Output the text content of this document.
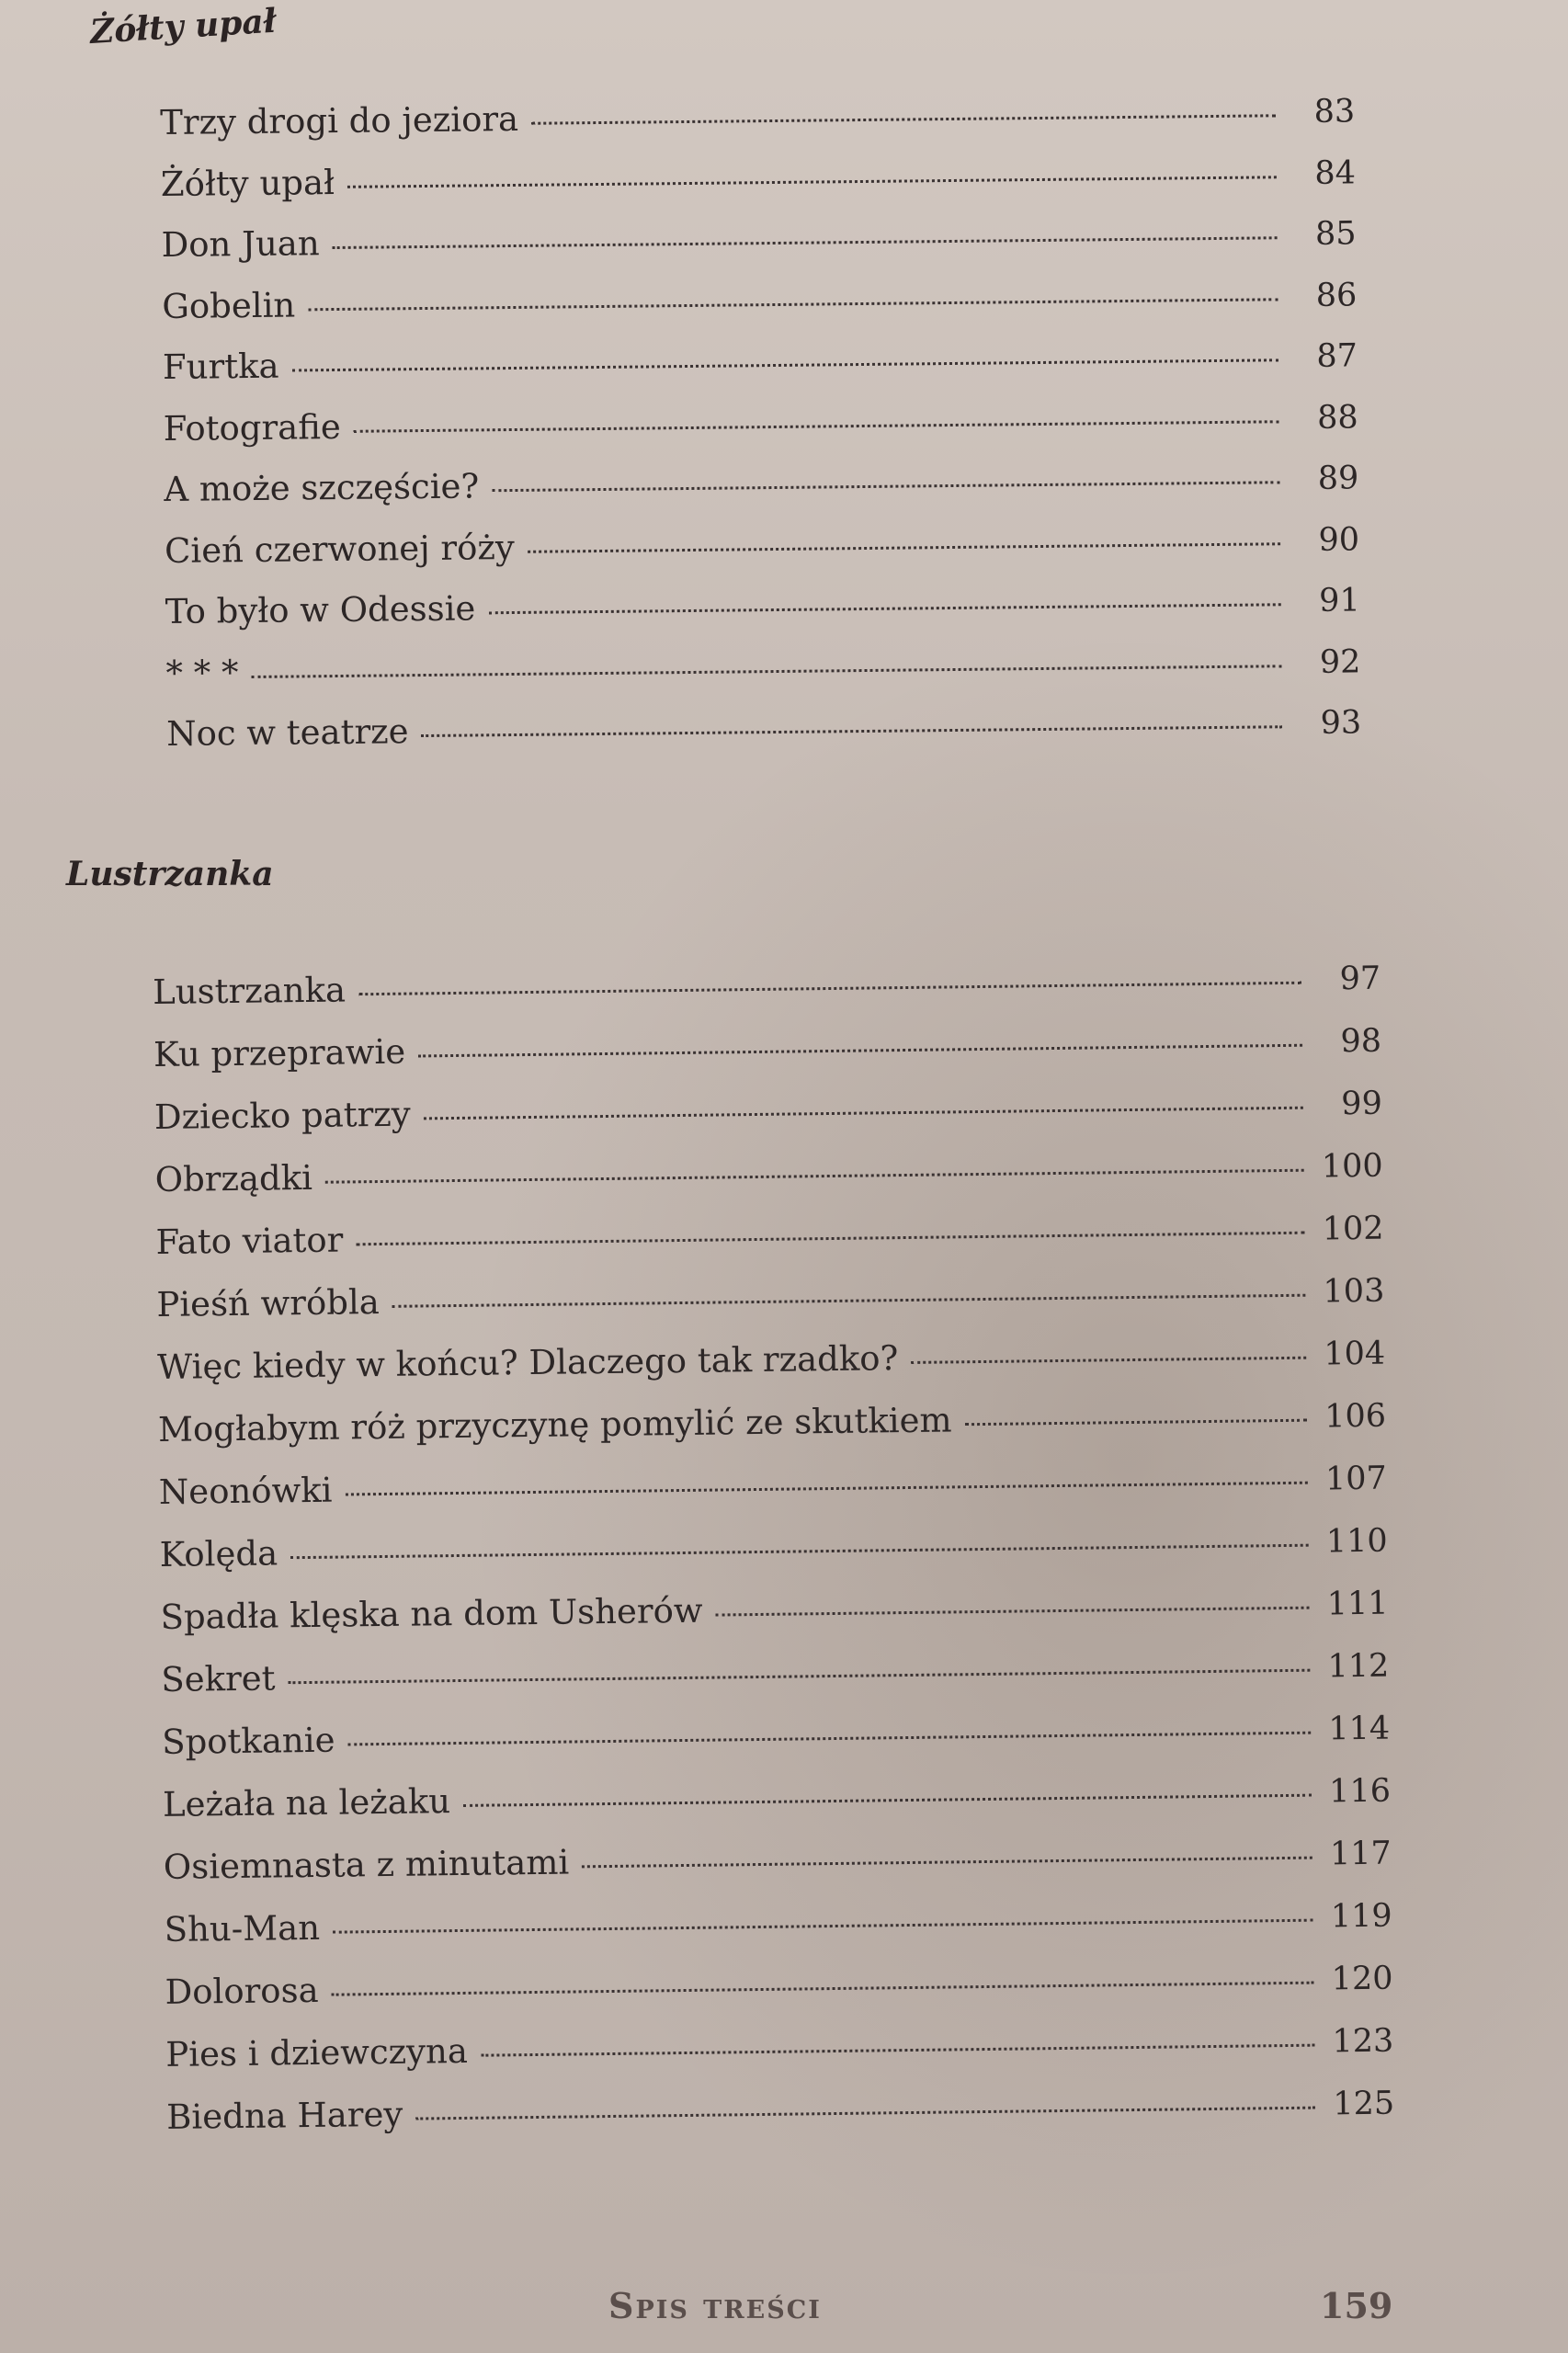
Żółty upał
Trzy drogi do jeziora	83
Żółty upał	84
Don Juan	85
Gobelin	86
Furtka	87
Fotografie	88
A może szczęście?	89
Cień czerwonej róży	90
To było w Odessie	91
* * *	92
Noc w teatrze	93
Lustrzanka
Lustrzanka	97
Ku przeprawie	98
Dziecko patrzy	99
Obrządki	100
Fato viator	102
Pieśń wróbla	103
Więc kiedy w końcu? Dlaczego tak rzadko?	104
Mogłabym róż przyczynę pomylić ze skutkiem	106
Neonówki	107
Kolęda	110
Spadła klęska na dom Usherów	111
Sekret	112
Spotkanie	114
Leżała na leżaku	116
Osiemnasta z minutami	117
Shu-Man	119
Dolorosa	120
Pies i dziewczyna	123
Biedna Harey	125
Spis treści	159
